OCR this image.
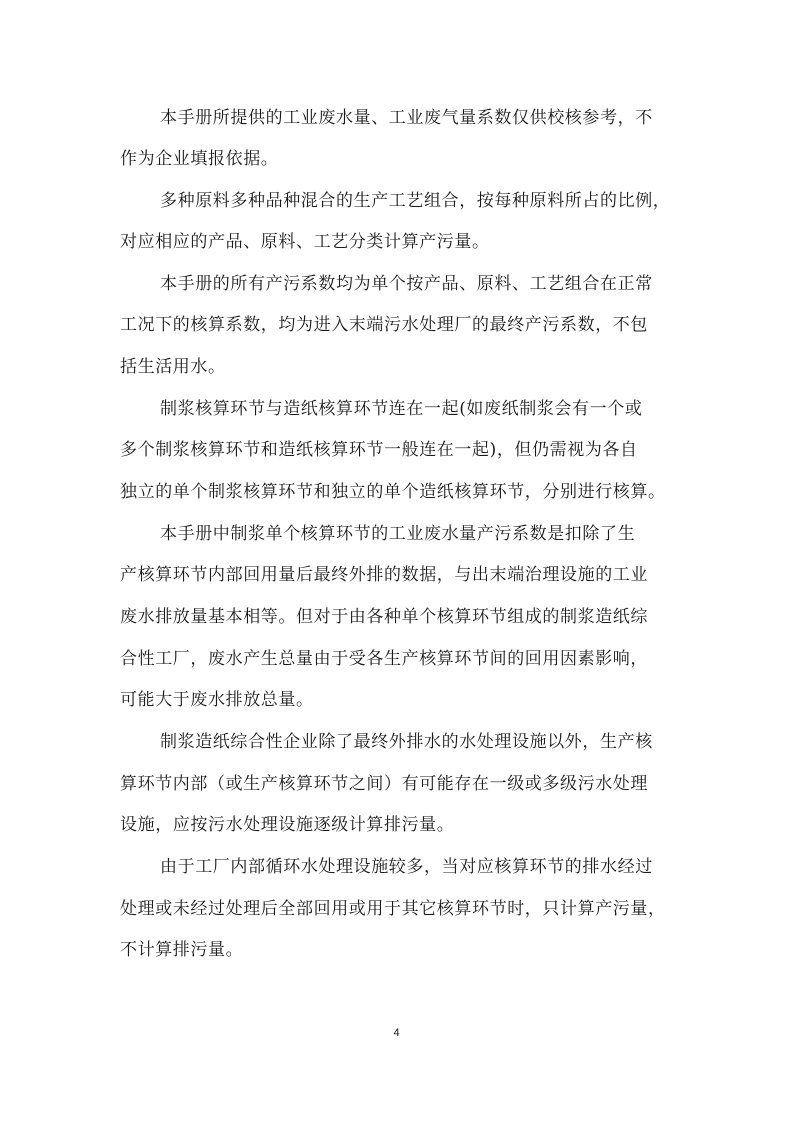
本手册所提供的工业废水量、工业废气量系数仅供校核参考，不
作为企业填报依据。
多种原料多种品种混合的生产工艺组合，按每种原料所占的比例，
对应相应的产品、原料、工艺分类计算产污量。
本手册的所有产污系数均为单个按产品、原料、工艺组合在正常
工况下的核算系数，均为进入末端污水处理厂的最终产污系数，不包
括生活用水。
制浆核算环节与造纸核算环节连在一起(如废纸制浆会有一个或
多个制浆核算环节和造纸核算环节一般连在一起)，但仍需视为各自
独立的单个制浆核算环节和独立的单个造纸核算环节，分别进行核算。
本手册中制浆单个核算环节的工业废水量产污系数是扣除了生
产核算环节内部回用量后最终外排的数据，与出末端治理设施的工业
废水排放量基本相等。但对于由各种单个核算环节组成的制浆造纸综
合性工厂，废水产生总量由于受各生产核算环节间的回用因素影响，
可能大于废水排放总量。
制浆造纸综合性企业除了最终外排水的水处理设施以外，生产核
算环节内部（或生产核算环节之间）有可能存在一级或多级污水处理
设施，应按污水处理设施逐级计算排污量。
由于工厂内部循环水处理设施较多，当对应核算环节的排水经过
处理或未经过处理后全部回用或用于其它核算环节时，只计算产污量，
不计算排污量。
4
